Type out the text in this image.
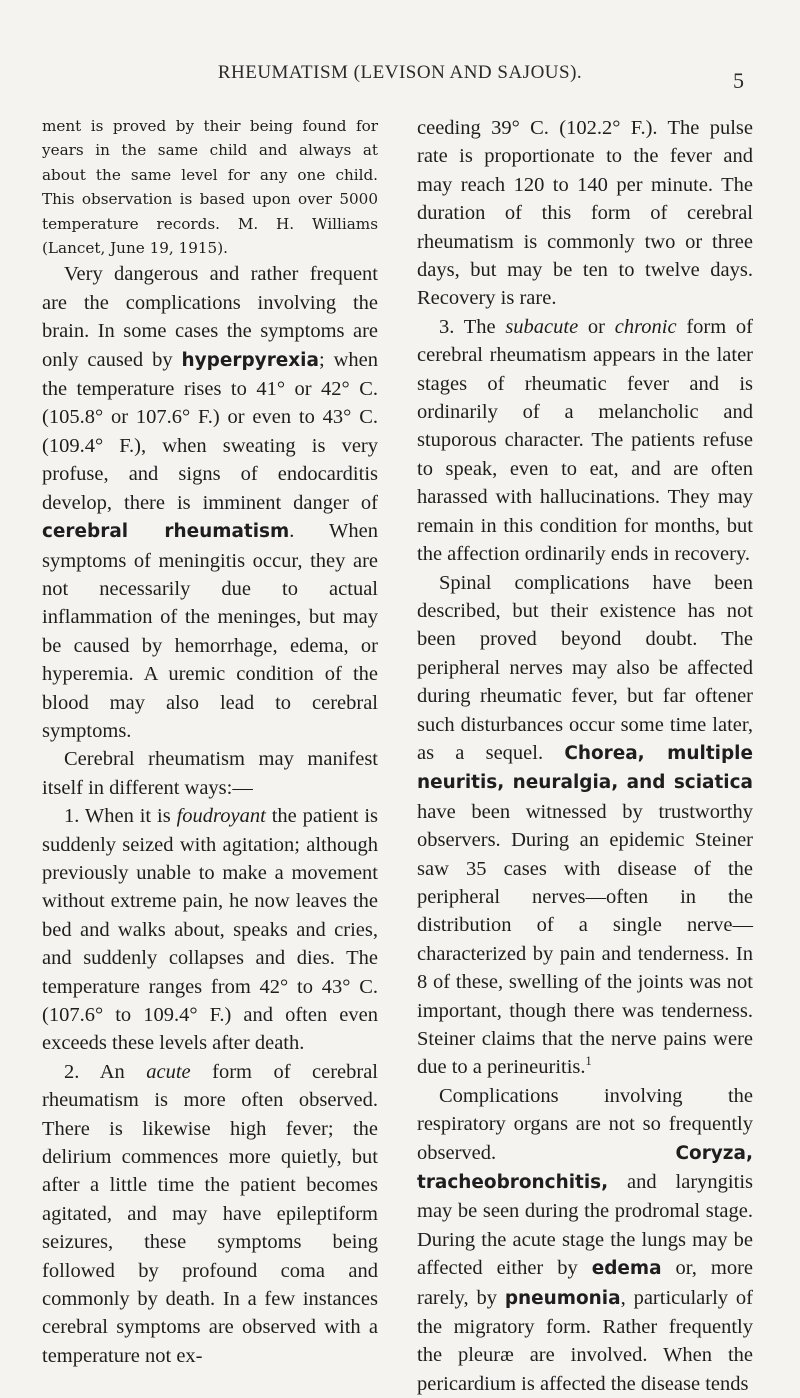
RHEUMATISM (LEVISON AND SAJOUS).	5

ment is proved by their being found for years in the same child and always at about the same level for any one child. This observation is based upon over 5000 temperature records. M. H. Williams (Lancet, June 19, 1915).

Very dangerous and rather frequent are the complications involving the brain. In some cases the symptoms are only caused by hyperpyrexia; when the temperature rises to 41° or 42° C. (105.8° or 107.6° F.) or even to 43° C. (109.4° F.), when sweating is very profuse, and signs of endocarditis develop, there is imminent danger of cerebral rheumatism. When symptoms of meningitis occur, they are not necessarily due to actual inflammation of the meninges, but may be caused by hemorrhage, edema, or hyperemia. A uremic condition of the blood may also lead to cerebral symptoms.

Cerebral rheumatism may manifest itself in different ways:—

1. When it is foudroyant the patient is suddenly seized with agitation; although previously unable to make a movement without extreme pain, he now leaves the bed and walks about, speaks and cries, and suddenly collapses and dies. The temperature ranges from 42° to 43° C. (107.6° to 109.4° F.) and often even exceeds these levels after death.

2. An acute form of cerebral rheumatism is more often observed. There is likewise high fever; the delirium commences more quietly, but after a little time the patient becomes agitated, and may have epileptiform seizures, these symptoms being followed by profound coma and commonly by death. In a few instances cerebral symptoms are observed with a temperature not ex-

ceeding 39° C. (102.2° F.). The pulse rate is proportionate to the fever and may reach 120 to 140 per minute. The duration of this form of cerebral rheumatism is commonly two or three days, but may be ten to twelve days. Recovery is rare.

3. The subacute or chronic form of cerebral rheumatism appears in the later stages of rheumatic fever and is ordinarily of a melancholic and stuporous character. The patients refuse to speak, even to eat, and are often harassed with hallucinations. They may remain in this condition for months, but the affection ordinarily ends in recovery.

Spinal complications have been described, but their existence has not been proved beyond doubt. The peripheral nerves may also be affected during rheumatic fever, but far oftener such disturbances occur some time later, as a sequel. Chorea, multiple neuritis, neuralgia, and sciatica have been witnessed by trustworthy observers. During an epidemic Steiner saw 35 cases with disease of the peripheral nerves—often in the distribution of a single nerve—characterized by pain and tenderness. In 8 of these, swelling of the joints was not important, though there was tenderness. Steiner claims that the nerve pains were due to a perineuritis.$^1$

Complications involving the respiratory organs are not so frequently observed. Coryza, tracheobronchitis, and laryngitis may be seen during the prodromal stage. During the acute stage the lungs may be affected either by edema or, more rarely, by pneumonia, particularly of the migratory form. Rather frequently the pleuræ are involved. When the pericardium is affected the disease tends
